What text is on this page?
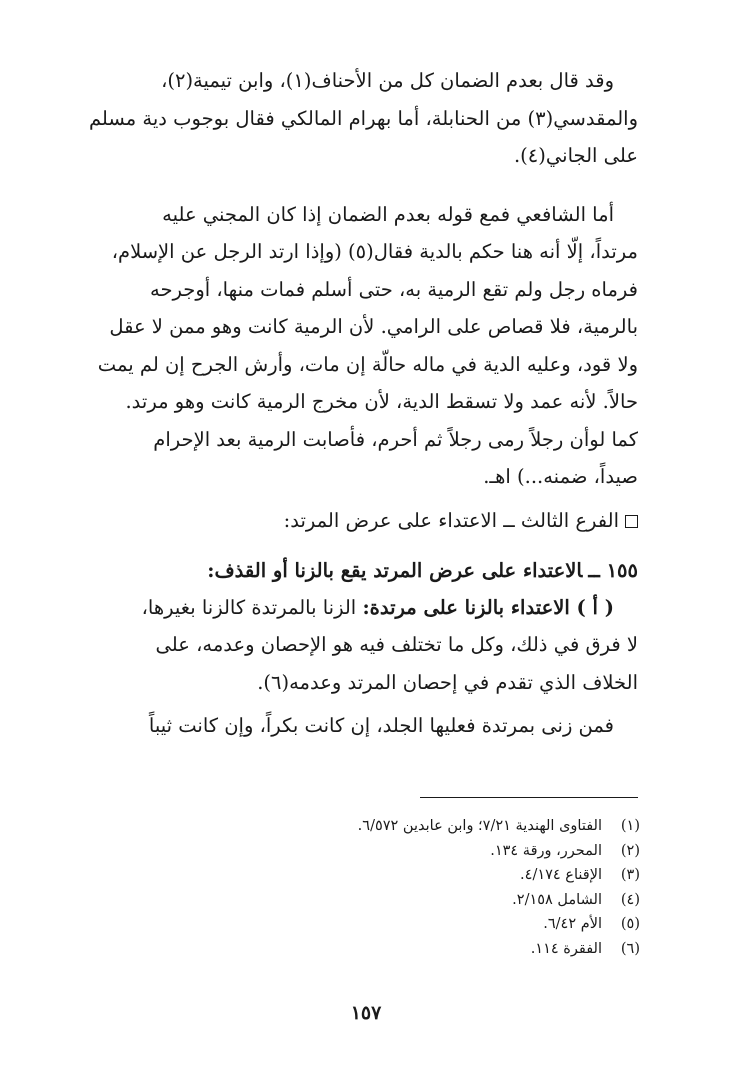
وقد قال بعدم الضمان كل من الأحناف(١)، وابن تيمية(٢)،
والمقدسي(٣) من الحنابلة، أما بهرام المالكي فقال بوجوب دية مسلم
على الجاني(٤).

أما الشافعي فمع قوله بعدم الضمان إذا كان المجني عليه
مرتداً، إلّا أنه هنا حكم بالدية فقال(٥) (وإذا ارتد الرجل عن الإسلام،
فرماه رجل ولم تقع الرمية به، حتى أسلم فمات منها، أوجرحه
بالرمية، فلا قصاص على الرامي. لأن الرمية كانت وهو ممن لا عقل
ولا قود، وعليه الدية في ماله حالّة إن مات، وأرش الجرح إن لم يمت
حالاً. لأنه عمد ولا تسقط الدية، لأن مخرج الرمية كانت وهو مرتد.
كما لوأن رجلاً رمى رجلاً ثم أحرم، فأصابت الرمية بعد الإحرام
صيداً، ضمنه...) اهـ.

الفرع الثالث ــ الاعتداء على عرض المرتد:
١٥٥ ــالاعتداء على عرض المرتد يقع بالزنا أو القذف:

( أ ) الاعتداء بالزنا على مرتدة: الزنا بالمرتدة كالزنا بغيرها،
لا فرق في ذلك، وكل ما تختلف فيه هو الإحصان وعدمه، على
الخلاف الذي تقدم في إحصان المرتد وعدمه(٦).

فمن زنى بمرتدة فعليها الجلد، إن كانت بكراً، وإن كانت ثيباً

(١)
الفتاوى الهندية ٧/٢١؛ وابن عابدين ٦/٥٧٢.
(٢)
المحرر، ورقة ١٣٤.
(٣)
الإقناع ٤/١٧٤.
(٤)
الشامل ٢/١٥٨.
(٥)
الأم ٦/٤٢.
(٦)
الفقرة ١١٤.
١٥٧
